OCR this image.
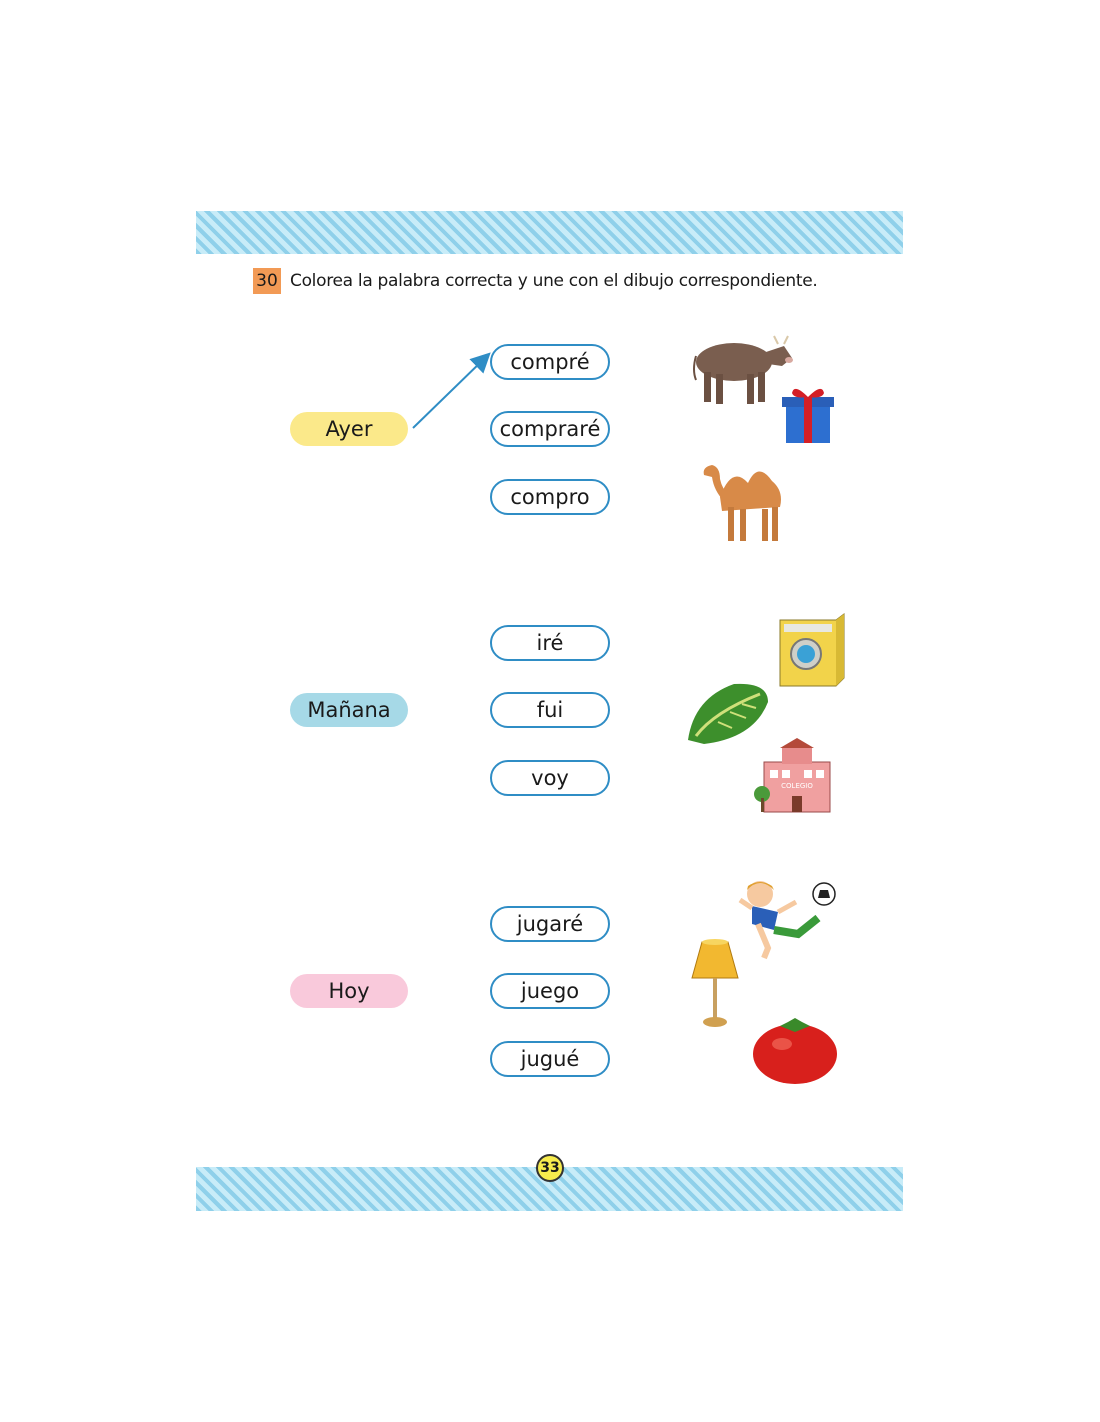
30 Colorea la palabra correcta y une con el dibujo correspondiente.
Ayer
compré
compraré
compro
Mañana
iré
fui
voy	COLEGIO
Hoy
jugaré
juego
jugué
33
